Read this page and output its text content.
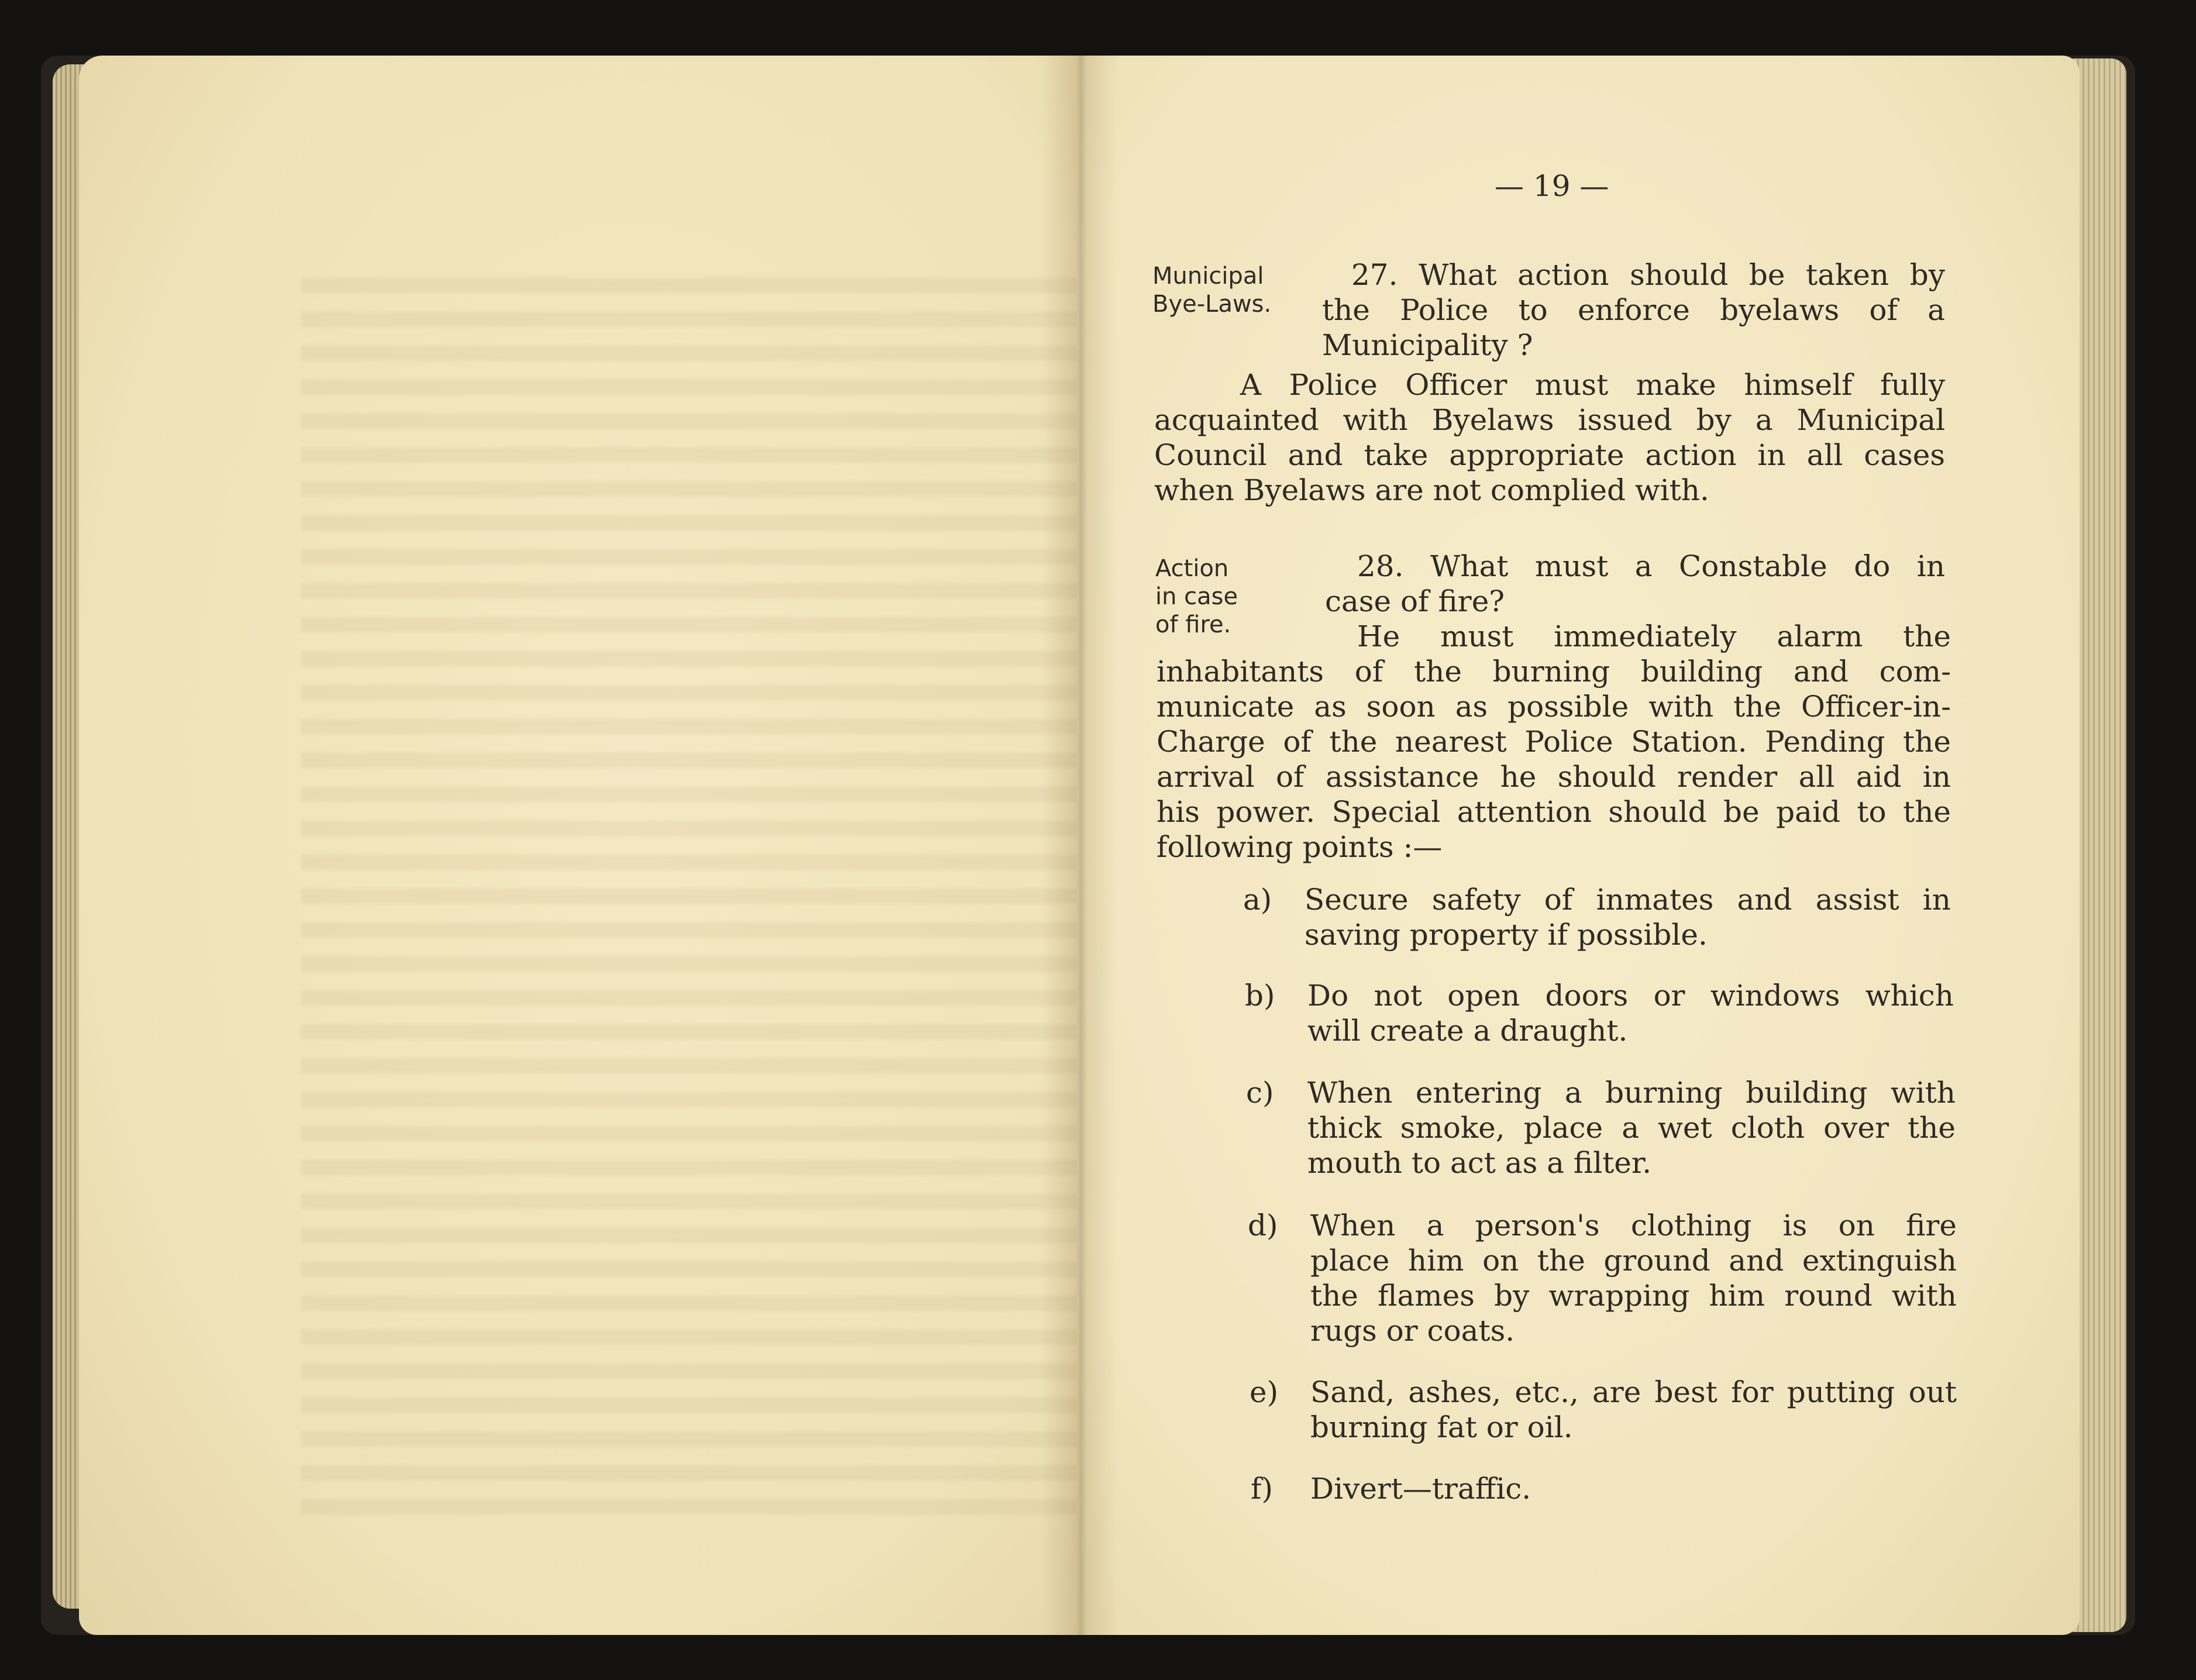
— 19 —
Municipal
Bye-Laws.
27. What action should be taken by
the Police to enforce byelaws of a
Municipality ?
A Police Officer must make himself fully
acquainted with Byelaws issued by a Municipal
Council and take appropriate action in all cases
when Byelaws are not complied with.
Action
in case
of fire.
28. What must a Constable do in
case of fire?
He must immediately alarm the
inhabitants of the burning building and com-
municate as soon as possible with the Officer-in-
Charge of the nearest Police Station. Pending the
arrival of assistance he should render all aid in
his power. Special attention should be paid to the
following points :—
a) Secure safety of inmates and assist in
saving property if possible.
b) Do not open doors or windows which
will create a draught.
c) When entering a burning building with
thick smoke, place a wet cloth over the
mouth to act as a filter.
d) When a person's clothing is on fire
place him on the ground and extinguish
the flames by wrapping him round with
rugs or coats.
e) Sand, ashes, etc., are best for putting out
burning fat or oil.
f) Divert—traffic.
